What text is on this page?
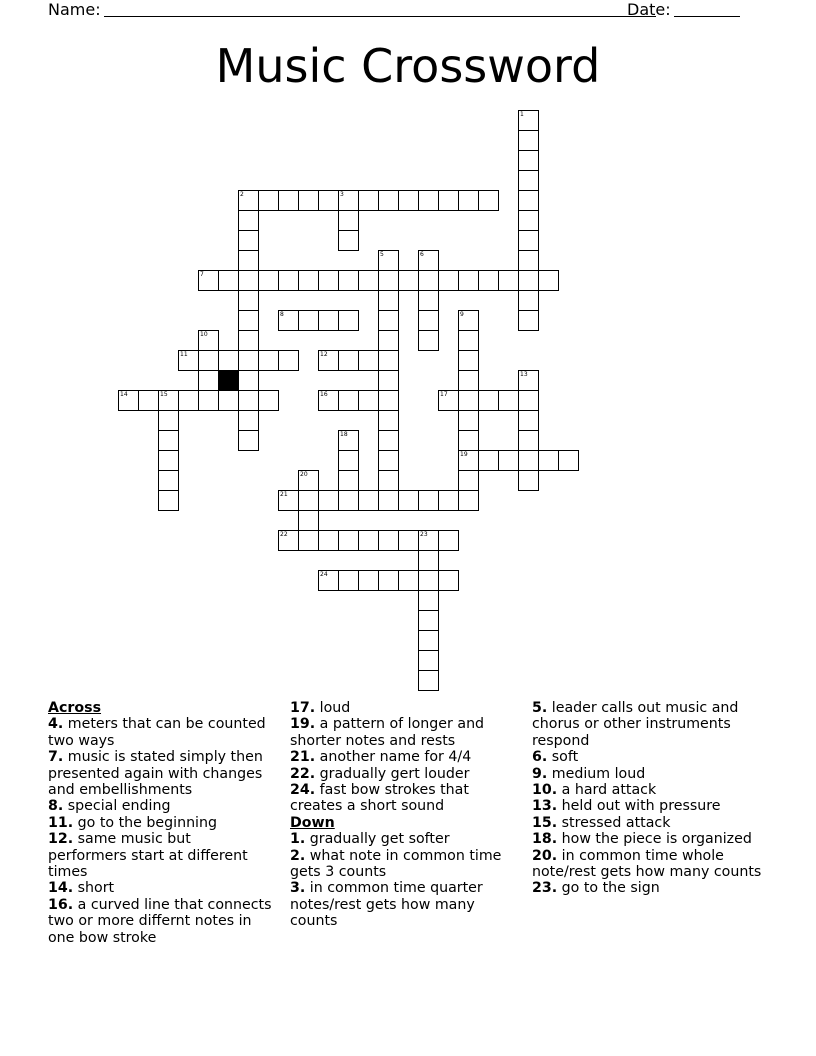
Name:	Date:
Music Crossword
1
2	3
7
5	6
8	9
19
10
11	12
13
14	15	16	17
18
20
21
22	23
24
Across
4. meters that can be counted two ways
7. music is stated simply then presented again with changes and embellishments
8. special ending
11. go to the beginning
12. same music but performers start at different times
14. short
16. a curved line that connects two or more differnt notes in one bow stroke
17. loud
19. a pattern of longer and shorter notes and rests
21. another name for 4/4
22. gradually gert louder
24. fast bow strokes that creates a short sound
Down
1. gradually get softer
2. what note in common time gets 3 counts
3. in common time quarter notes/rest gets how many counts
5. leader calls out music and chorus or other instruments respond
6. soft
9. medium loud
10. a hard attack
13. held out with pressure
15. stressed attack
18. how the piece is organized
20. in common time whole note/rest gets how many counts
23. go to the sign
